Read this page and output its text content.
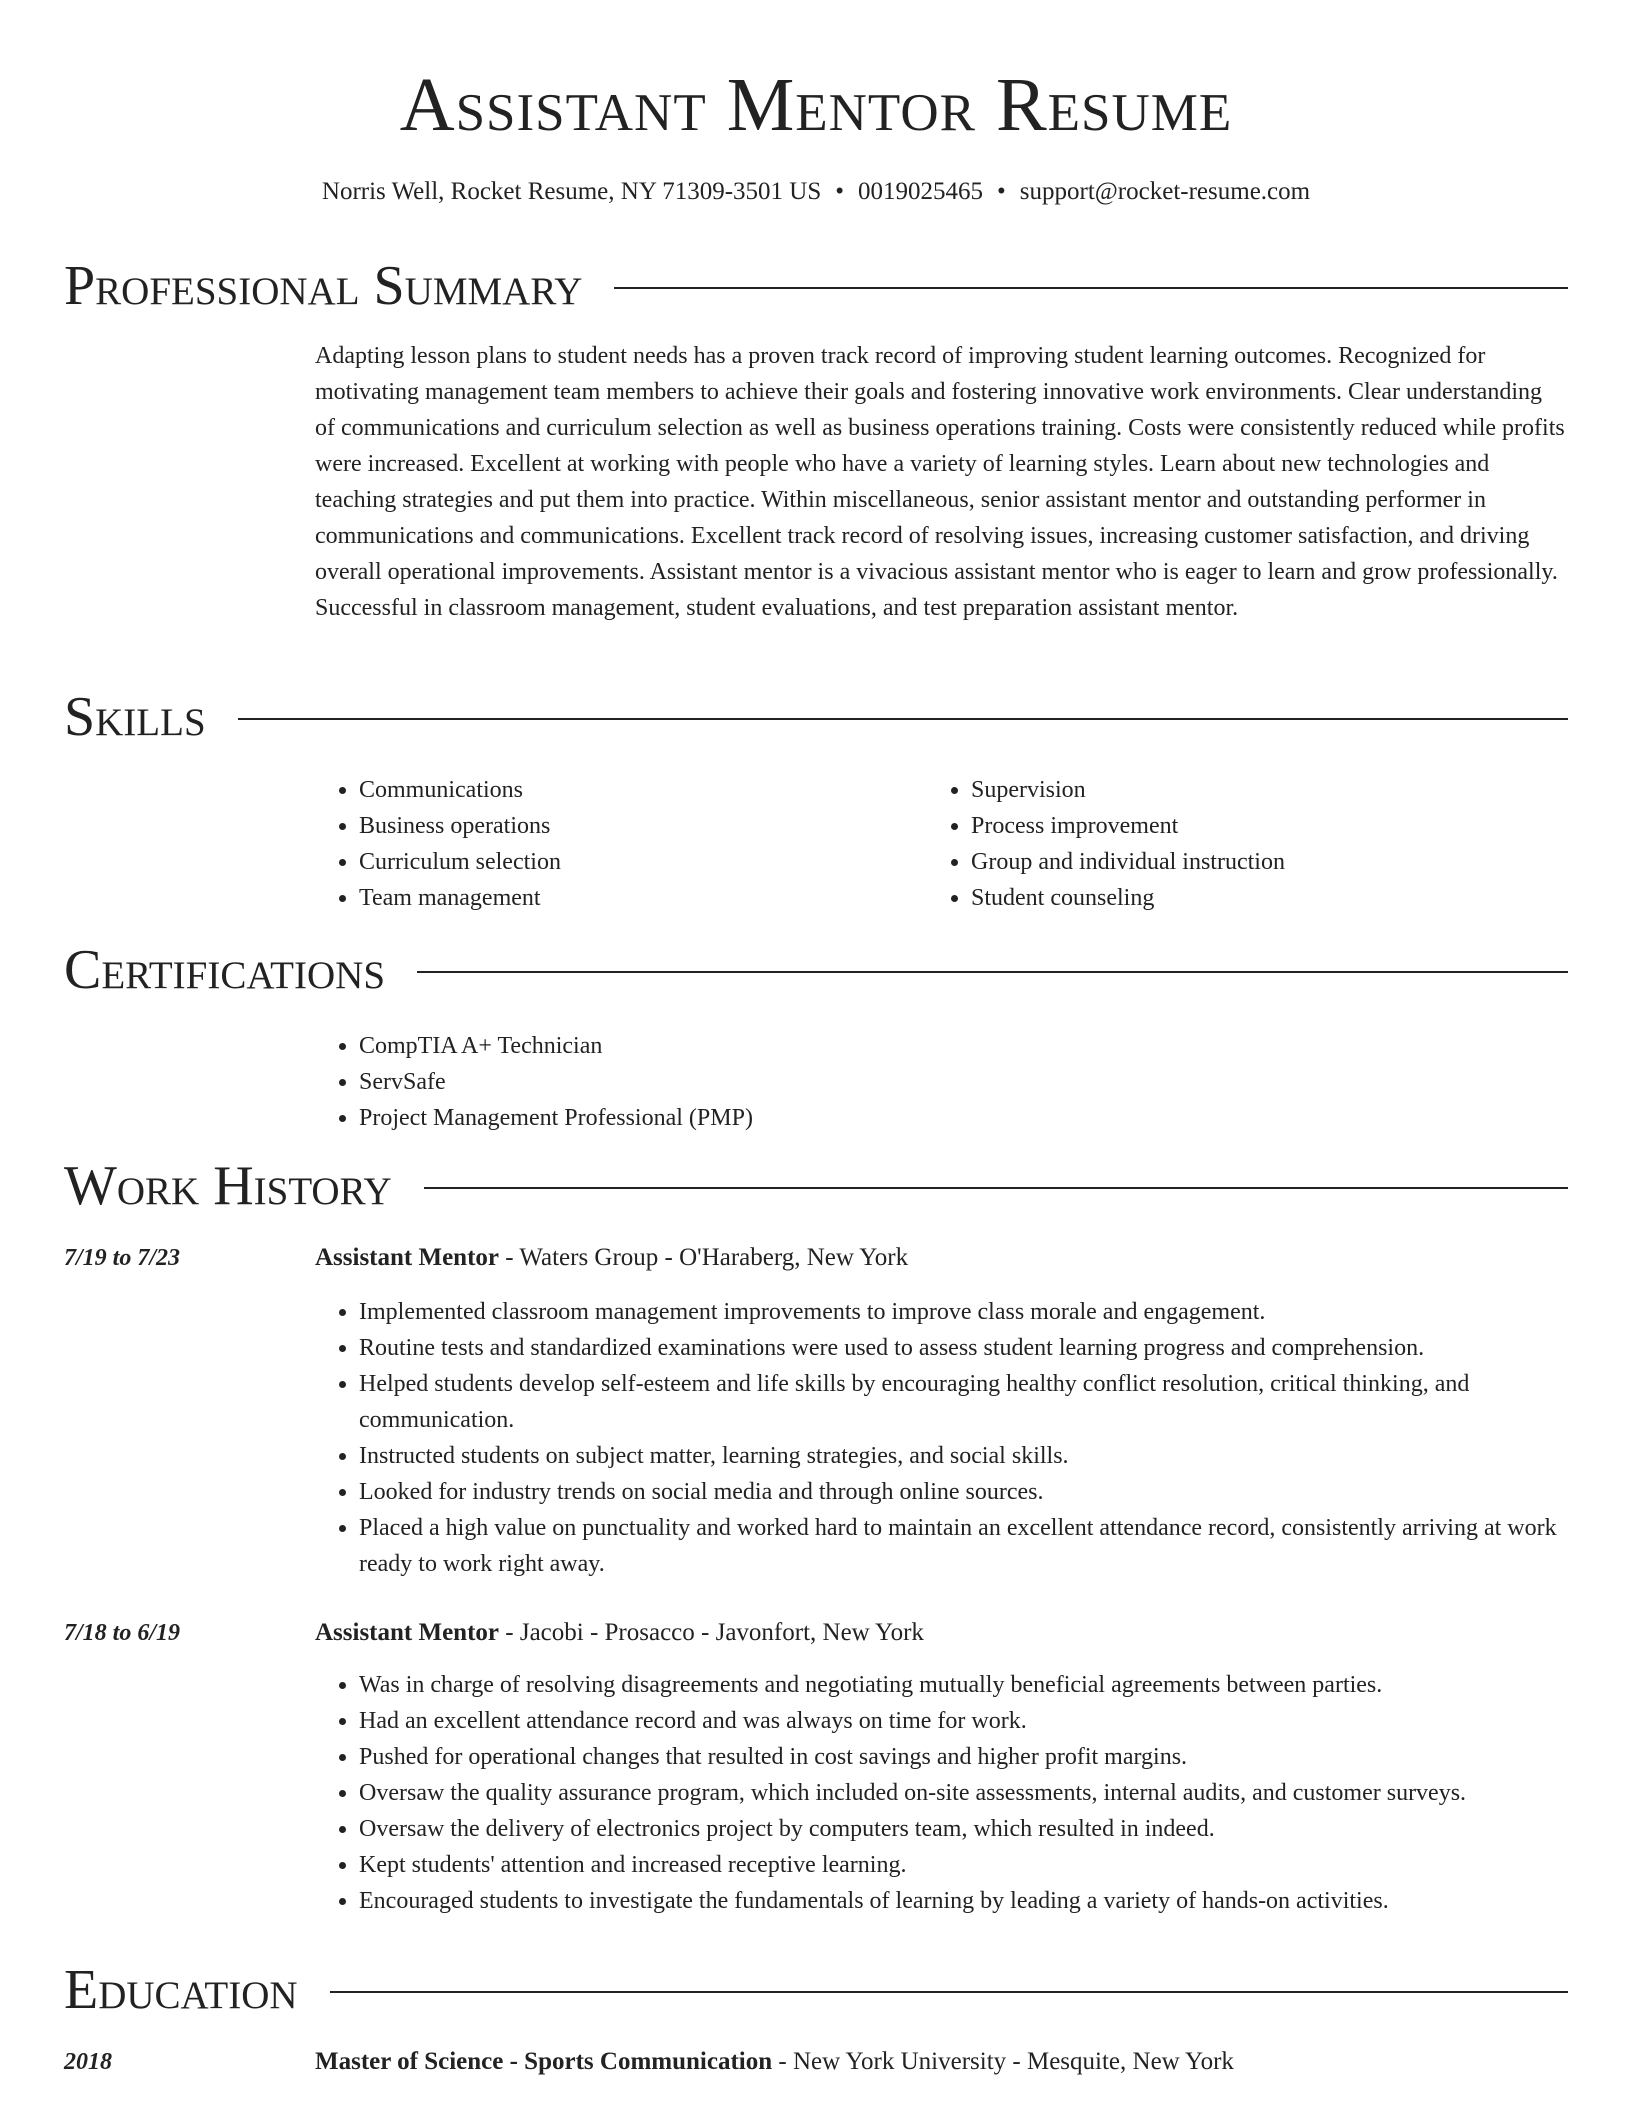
Assistant Mentor Resume
Norris Well, Rocket Resume, NY 71309-3501 US • 0019025465 • support@rocket-resume.com
Professional Summary

Adapting lesson plans to student needs has a proven track record of improving student learning outcomes. Recognized for motivating management team members to achieve their goals and fostering innovative work environments. Clear understanding of communications and curriculum selection as well as business operations training. Costs were consistently reduced while profits were increased. Excellent at working with people who have a variety of learning styles. Learn about new technologies and teaching strategies and put them into practice. Within miscellaneous, senior assistant mentor and outstanding performer in communications and communications. Excellent track record of resolving issues, increasing customer satisfaction, and driving overall operational improvements. Assistant mentor is a vivacious assistant mentor who is eager to learn and grow professionally. Successful in classroom management, student evaluations, and test preparation assistant mentor.

Skills
• Communications
• Business operations
• Curriculum selection
• Team management
• Supervision
• Process improvement
• Group and individual instruction
• Student counseling
Certifications
• CompTIA A+ Technician
• ServSafe
• Project Management Professional (PMP)
Work History
7/19 to 7/23	Assistant Mentor - Waters Group - O'Haraberg, New York
• Implemented classroom management improvements to improve class morale and engagement.
• Routine tests and standardized examinations were used to assess student learning progress and comprehension.
• Helped students develop self-esteem and life skills by encouraging healthy conflict resolution, critical thinking, and communication.
• Instructed students on subject matter, learning strategies, and social skills.
• Looked for industry trends on social media and through online sources.
• Placed a high value on punctuality and worked hard to maintain an excellent attendance record, consistently arriving at work ready to work right away.
7/18 to 6/19	Assistant Mentor - Jacobi - Prosacco - Javonfort, New York
• Was in charge of resolving disagreements and negotiating mutually beneficial agreements between parties.
• Had an excellent attendance record and was always on time for work.
• Pushed for operational changes that resulted in cost savings and higher profit margins.
• Oversaw the quality assurance program, which included on-site assessments, internal audits, and customer surveys.
• Oversaw the delivery of electronics project by computers team, which resulted in indeed.
• Kept students' attention and increased receptive learning.
• Encouraged students to investigate the fundamentals of learning by leading a variety of hands-on activities.
Education
2018	Master of Science - Sports Communication - New York University - Mesquite, New York
